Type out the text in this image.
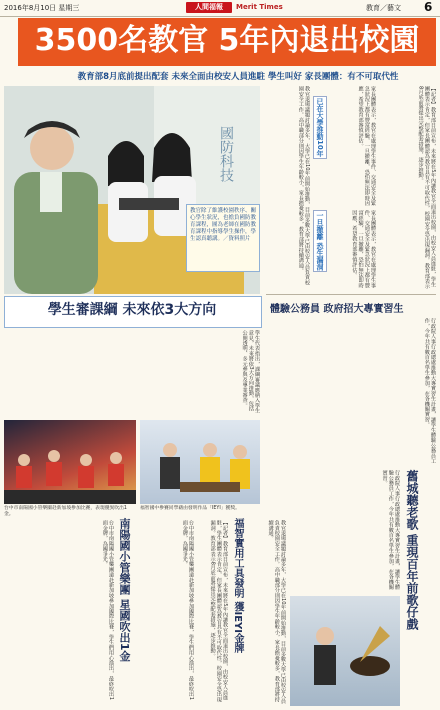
2016年8月10日 星期三	人間福報	Merit Times	教育／藝文 6
3500名教官 5年內退出校園
教育部8月底前提出配套 未來全面由校安人員進駐 學生叫好 家長團體：有不可取代性
國防科技
教官除了維護校園秩序、關心學生狀況，也擔負國防教育課程，圖為老師在國防教育課程中指導學生操作，學生認真聽講。／資料照片	教官退場議題討論多年，大學已在10年前開始推動，目前多數大學已由校安人員負責校園安全工作。高中職部分則因學生年齡較小，家長擔憂較多，教育部將持續溝通。	已在大學推動10年	家長團體表示，教官在處理學生事件、交通安全及緊急狀況上都有豐富經驗，一旦撤離，恐怕無法即時因應，希望教育部審慎評估。	【記者】教育部日前宣布，未來將在5年內讓教官全面退出校園，由校安人員進駐，學生團體表示肯定，但家長團體認為教官具有不可取代性，校園安全恐出現漏洞。教育部表示8月底前將提出完整配套措施，逐步推動。
一旦撤離 恐生漏洞	家長團體表示，教官在處理學生事件、交通安全及緊急狀況上都有豐富經驗，一旦撤離，恐怕無法即時因應，希望教育部審慎評估。
學生審課綱 未來依3大方向
學生代表指出，課綱審議應納入學生意見，未來將依3大方向推動，包括公開透明、多元參與及專業審查。
體驗公務員 政府招大專實習生
行政院人事行政總處推動大專實習生計畫，讓學生體驗公務員工作，今年共有數百名學生參加，在各機關實習。
台中市南陽國小管樂團赴新加坡參加比賽，表現優異吹出1金。
福智國中參賽同學藉由發明作品「IEYI」獲獎。
台中市南陽國小管樂團遠赴新加坡參加國際比賽，學生們用心演出，最終吹出1面金牌，為國爭光。 南陽國小管樂團 星國吹出1金	台中市南陽國小管樂團遠赴新加坡參加國際比賽，學生們用心演出，最終吹出1面金牌，為國爭光。	福智實用工具發明 獲IEYI金牌
【記者】教育部日前宣布，未來將在5年內讓教官全面退出校園，由校安人員進駐，學生團體表示肯定，但家長團體認為教官具有不可取代性，校園安全恐出現漏洞。教育部表示8月底前將提出完整配套措施，逐步推動。	教官退場議題討論多年，大學已在10年前開始推動，目前多數大學已由校安人員負責校園安全工作。高中職部分則因學生年齡較小，家長擔憂較多，教育部將持續溝通。	行政院人事行政總處推動大專實習生計畫，讓學生體驗公務員工作，今年共有數百名學生參加，在各機關實習。	舊城聽老歌 重現百年前歌仔戲
